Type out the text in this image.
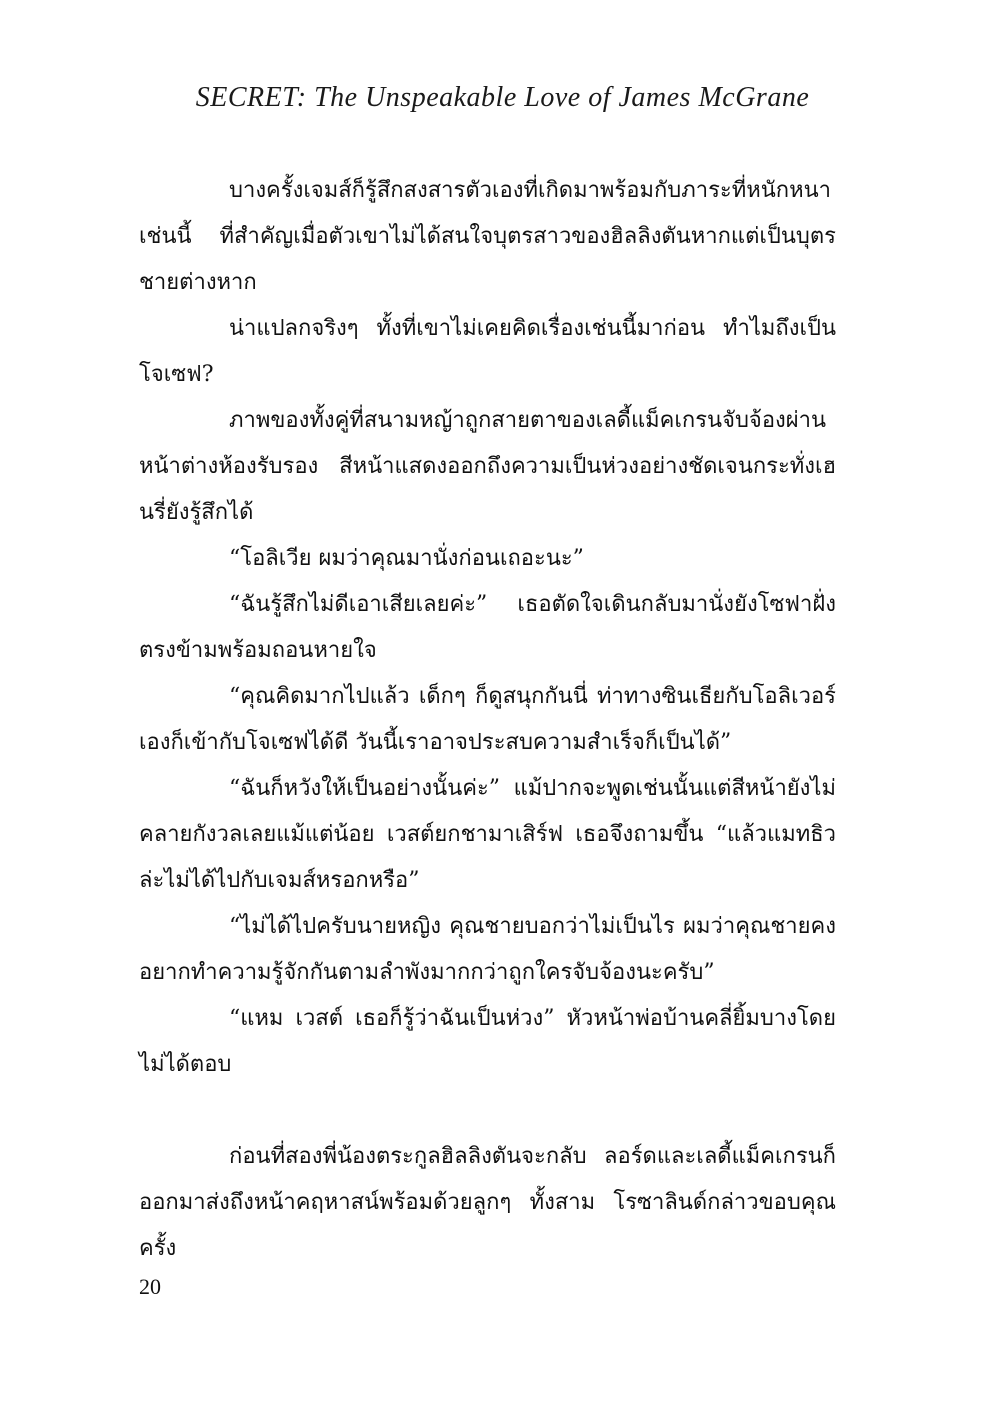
SECRET: The Unspeakable Love of James McGrane

บางครั้งเจมส์ก็รู้สึกสงสารตัวเองที่เกิดมาพร้อมกับภาระที่หนักหนาเช่นนี้ ที่สำคัญเมื่อตัวเขาไม่ได้สนใจบุตรสาวของฮิลลิงตันหากแต่เป็นบุตรชายต่างหาก

น่าแปลกจริงๆ ทั้งที่เขาไม่เคยคิดเรื่องเช่นนี้มาก่อน ทำไมถึงเป็นโจเซฟ?

ภาพของทั้งคู่ที่สนามหญ้าถูกสายตาของเลดี้แม็คเกรนจับจ้องผ่านหน้าต่างห้องรับรอง สีหน้าแสดงออกถึงความเป็นห่วงอย่างชัดเจนกระทั่งเฮนรี่ยังรู้สึกได้

“โอลิเวีย ผมว่าคุณมานั่งก่อนเถอะนะ”

“ฉันรู้สึกไม่ดีเอาเสียเลยค่ะ” เธอตัดใจเดินกลับมานั่งยังโซฟาฝั่งตรงข้ามพร้อมถอนหายใจ

“คุณคิดมากไปแล้ว เด็กๆ ก็ดูสนุกกันนี่ ท่าทางซินเธียกับโอลิเวอร์เองก็เข้ากับโจเซฟได้ดี วันนี้เราอาจประสบความสำเร็จก็เป็นได้”

“ฉันก็หวังให้เป็นอย่างนั้นค่ะ” แม้ปากจะพูดเช่นนั้นแต่สีหน้ายังไม่คลายกังวลเลยแม้แต่น้อย เวสต์ยกชามาเสิร์ฟ เธอจึงถามขึ้น “แล้วแมทธิวล่ะไม่ได้ไปกับเจมส์หรอกหรือ”

“ไม่ได้ไปครับนายหญิง คุณชายบอกว่าไม่เป็นไร ผมว่าคุณชายคงอยากทำความรู้จักกันตามลำพังมากกว่าถูกใครจับจ้องนะครับ”

“แหม เวสต์ เธอก็รู้ว่าฉันเป็นห่วง” หัวหน้าพ่อบ้านคลี่ยิ้มบางโดยไม่ได้ตอบ

ก่อนที่สองพี่น้องตระกูลฮิลลิงตันจะกลับ ลอร์ดและเลดี้แม็คเกรนก็ออกมาส่งถึงหน้าคฤหาสน์พร้อมด้วยลูกๆ ทั้งสาม โรซาลินด์กล่าวขอบคุณครั้ง

20
